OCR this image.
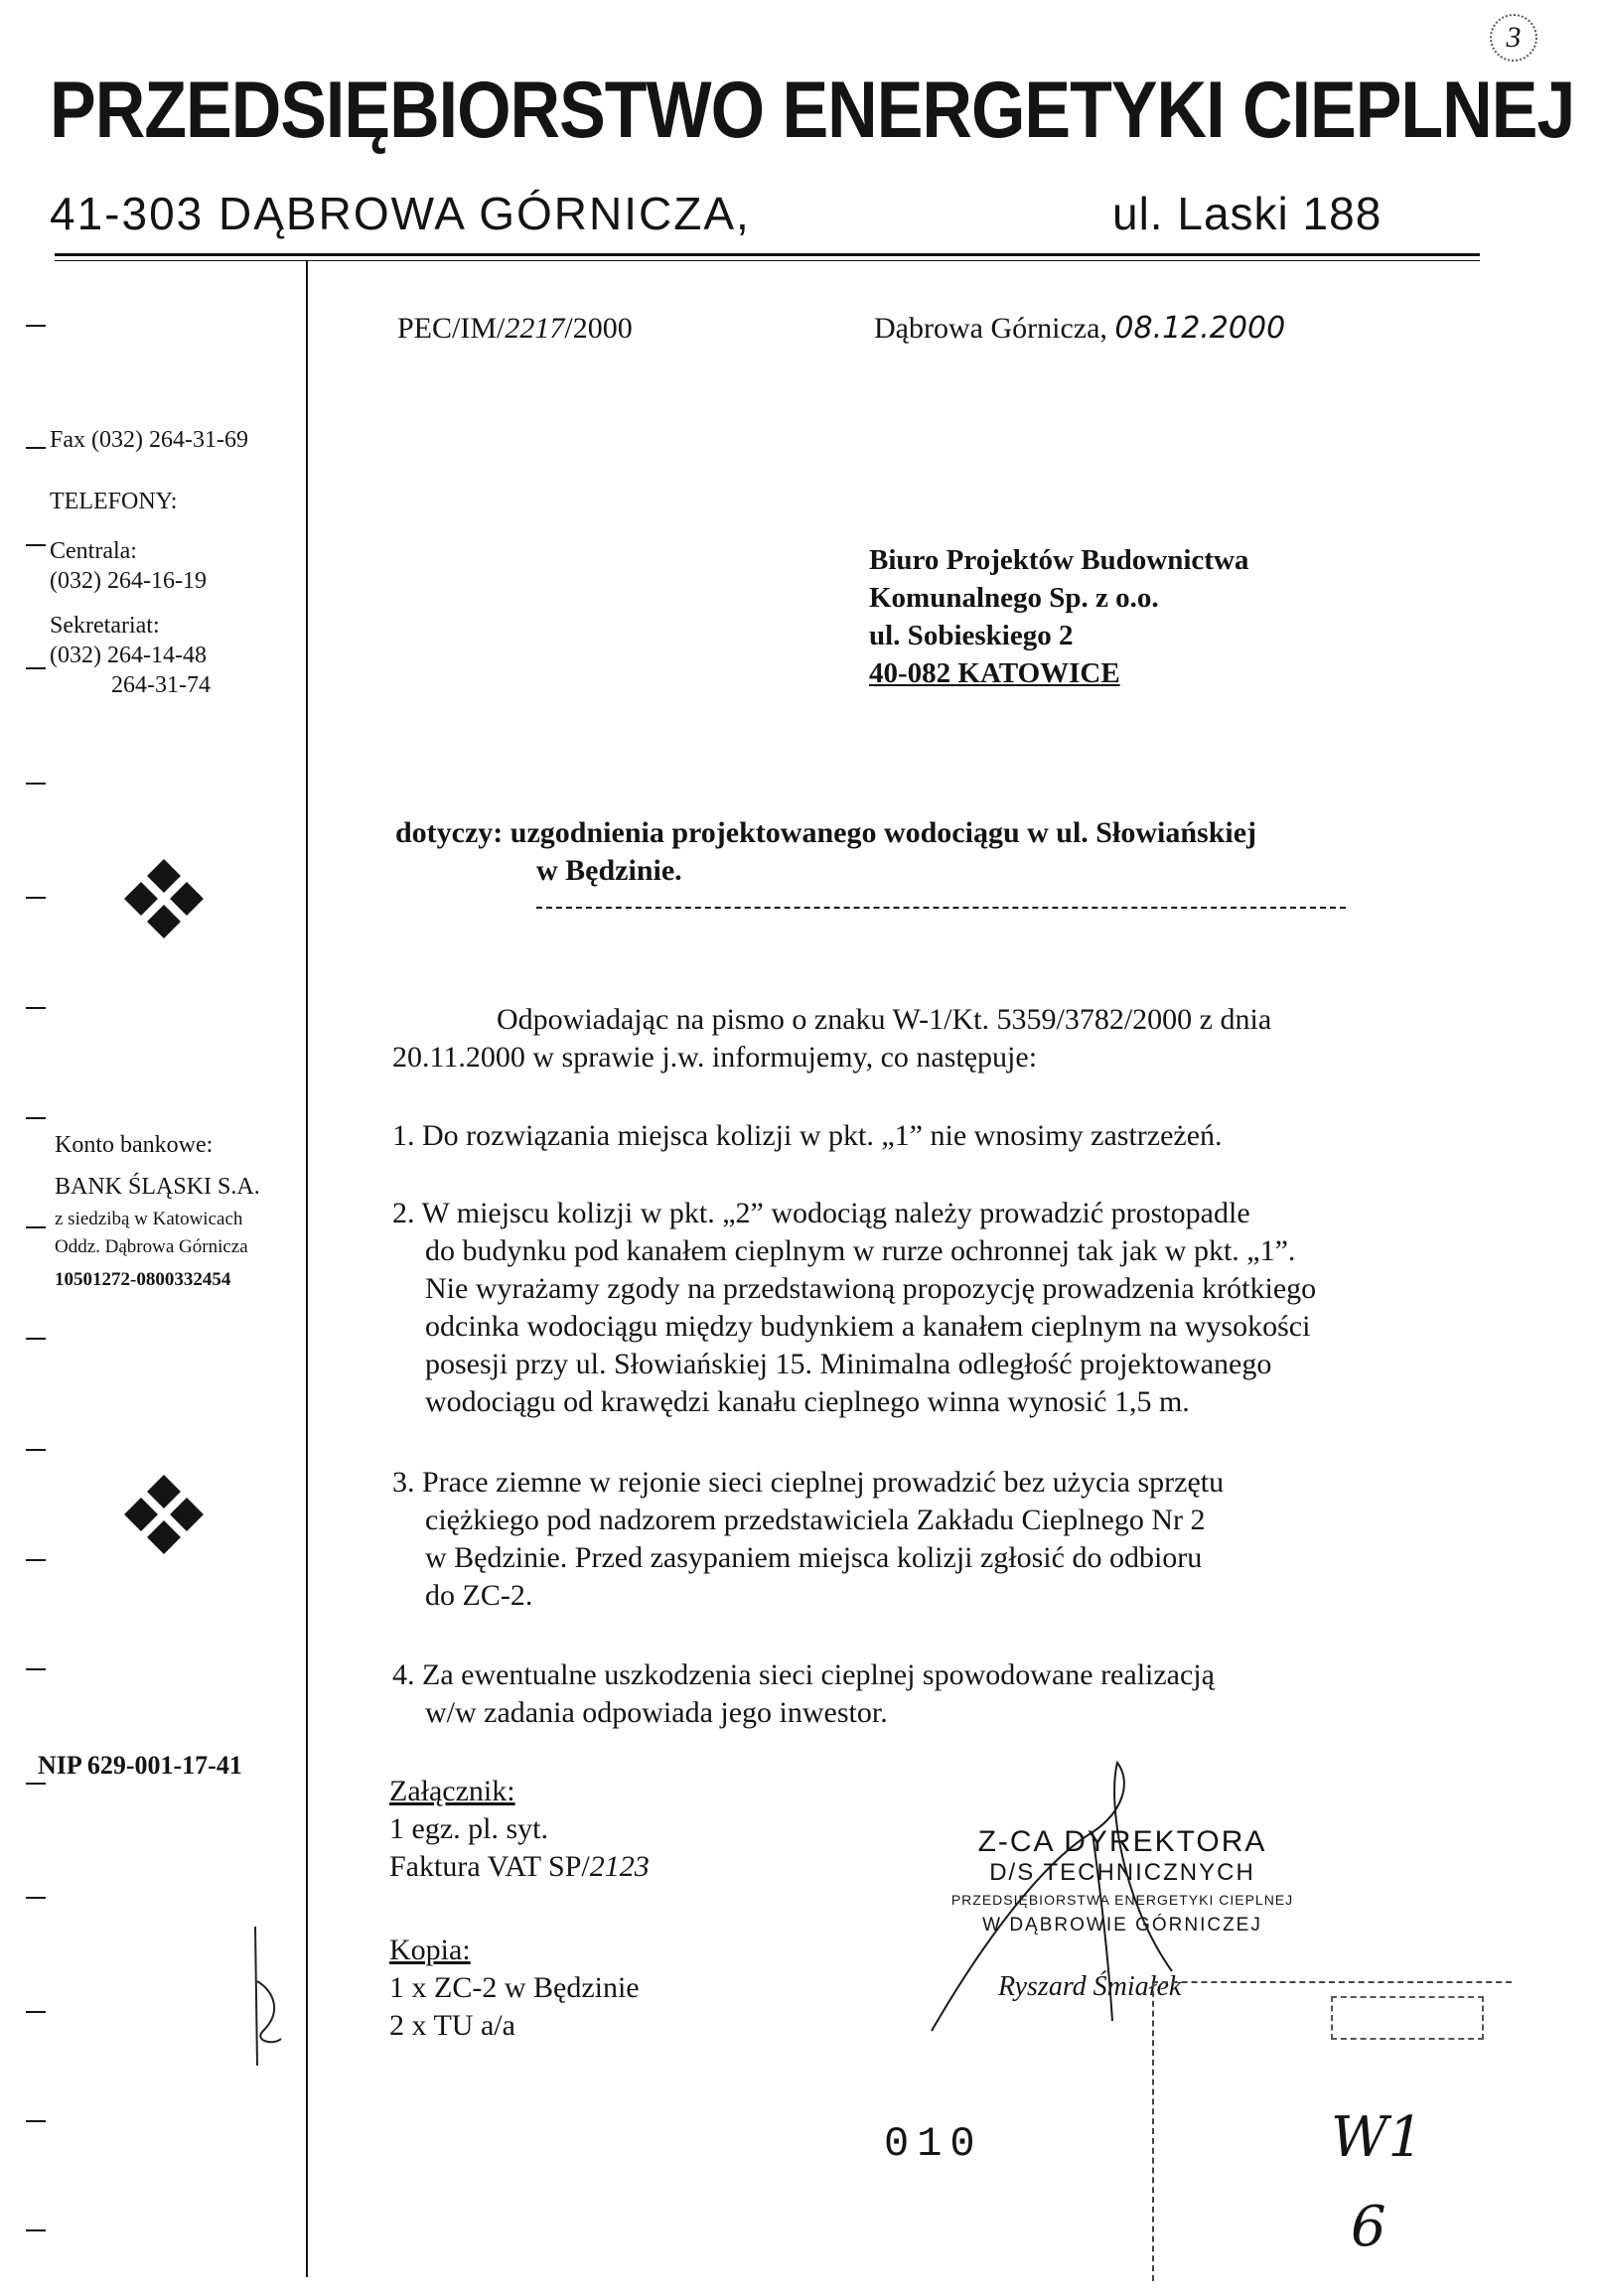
PRZEDSIĘBIORSTWO ENERGETYKI CIEPLNEJ
41-303 DĄBROWA GÓRNICZA,	ul. Laski 188
3
Fax (032) 264-31-69
TELEFONY:
Centrala:
(032) 264-16-19
Sekretariat:
(032) 264-14-48
264-31-74
Konto bankowe:
BANK ŚLĄSKI S.A.
z siedzibą w Katowicach
Oddz. Dąbrowa Górnicza
10501272-0800332454
NIP 629-001-17-41
PEC/IM/2217/2000	Dąbrowa Górnicza, 08.12.2000
Biuro Projektów Budownictwa
Komunalnego Sp. z o.o.
ul. Sobieskiego 2
40-082 KATOWICE
dotyczy: uzgodnienia projektowanego wodociągu w ul. Słowiańskiej
w Będzinie.
Odpowiadając na pismo o znaku W-1/Kt. 5359/3782/2000 z dnia
20.11.2000 w sprawie j.w. informujemy, co następuje:
1. Do rozwiązania miejsca kolizji w pkt. „1” nie wnosimy zastrzeżeń.
2. W miejscu kolizji w pkt. „2” wodociąg należy prowadzić prostopadle
do budynku pod kanałem cieplnym w rurze ochronnej tak jak w pkt. „1”.
Nie wyrażamy zgody na przedstawioną propozycję prowadzenia krótkiego
odcinka wodociągu między budynkiem a kanałem cieplnym na wysokości
posesji przy ul. Słowiańskiej 15. Minimalna odległość projektowanego
wodociągu od krawędzi kanału cieplnego winna wynosić 1,5 m.
3. Prace ziemne w rejonie sieci cieplnej prowadzić bez użycia sprzętu
ciężkiego pod nadzorem przedstawiciela Zakładu Cieplnego Nr 2
w Będzinie. Przed zasypaniem miejsca kolizji zgłosić do odbioru
do ZC-2.
4. Za ewentualne uszkodzenia sieci cieplnej spowodowane realizacją
w/w zadania odpowiada jego inwestor.
Załącznik:
1 egz. pl. syt.
Faktura VAT SP/2123
Kopia:
1 x ZC-2 w Będzinie
2 x TU a/a
Z-CA DYREKTORA
D/S TECHNICZNYCH
PRZEDSIĘBIORSTWA ENERGETYKI CIEPLNEJ
W DĄBROWIE GÓRNICZEJ
Ryszard Śmiałek
W1
6
010
